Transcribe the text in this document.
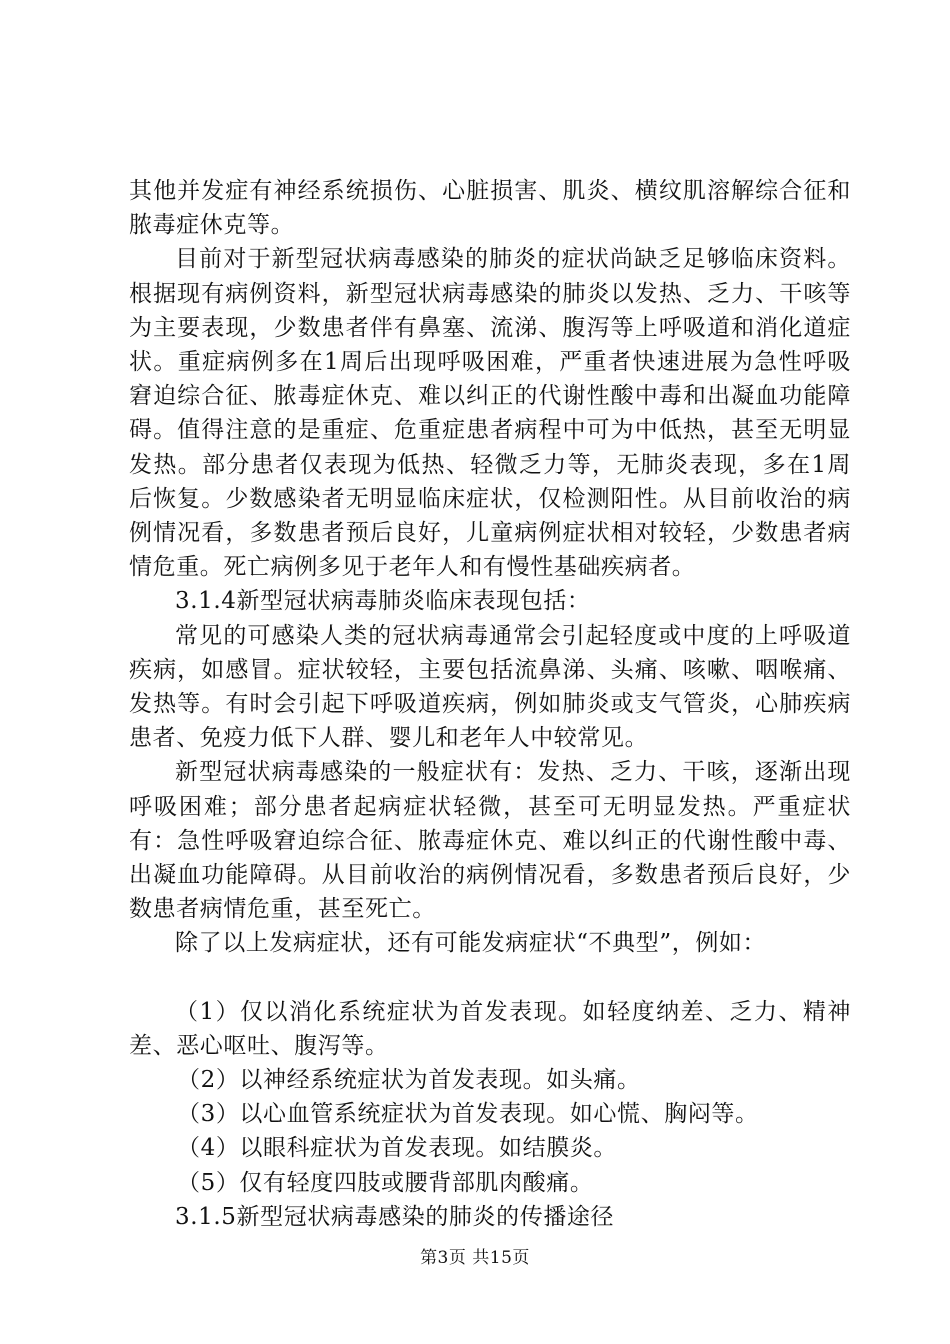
其他并发症有神经系统损伤、心脏损害、肌炎、横纹肌溶解综合征和脓毒症休克等。

目前对于新型冠状病毒感染的肺炎的症状尚缺乏足够临床资料。根据现有病例资料，新型冠状病毒感染的肺炎以发热、乏力、干咳等为主要表现，少数患者伴有鼻塞、流涕、腹泻等上呼吸道和消化道症状。重症病例多在1周后出现呼吸困难，严重者快速进展为急性呼吸窘迫综合征、脓毒症休克、难以纠正的代谢性酸中毒和出凝血功能障碍。值得注意的是重症、危重症患者病程中可为中低热，甚至无明显发热。部分患者仅表现为低热、轻微乏力等，无肺炎表现，多在1周后恢复。少数感染者无明显临床症状，仅检测阳性。从目前收治的病例情况看，多数患者预后良好，儿童病例症状相对较轻，少数患者病情危重。死亡病例多见于老年人和有慢性基础疾病者。

3.1.4新型冠状病毒肺炎临床表现包括：

常见的可感染人类的冠状病毒通常会引起轻度或中度的上呼吸道疾病，如感冒。症状较轻，主要包括流鼻涕、头痛、咳嗽、咽喉痛、发热等。有时会引起下呼吸道疾病，例如肺炎或支气管炎，心肺疾病患者、免疫力低下人群、婴儿和老年人中较常见。

新型冠状病毒感染的一般症状有：发热、乏力、干咳，逐渐出现呼吸困难；部分患者起病症状轻微，甚至可无明显发热。严重症状有：急性呼吸窘迫综合征、脓毒症休克、难以纠正的代谢性酸中毒、出凝血功能障碍。从目前收治的病例情况看，多数患者预后良好，少数患者病情危重，甚至死亡。

除了以上发病症状，还有可能发病症状“不典型”，例如：

（1）仅以消化系统症状为首发表现。如轻度纳差、乏力、精神差、恶心呕吐、腹泻等。

（2）以神经系统症状为首发表现。如头痛。

（3）以心血管系统症状为首发表现。如心慌、胸闷等。

（4）以眼科症状为首发表现。如结膜炎。

（5）仅有轻度四肢或腰背部肌肉酸痛。

3.1.5新型冠状病毒感染的肺炎的传播途径

第3页 共15页
